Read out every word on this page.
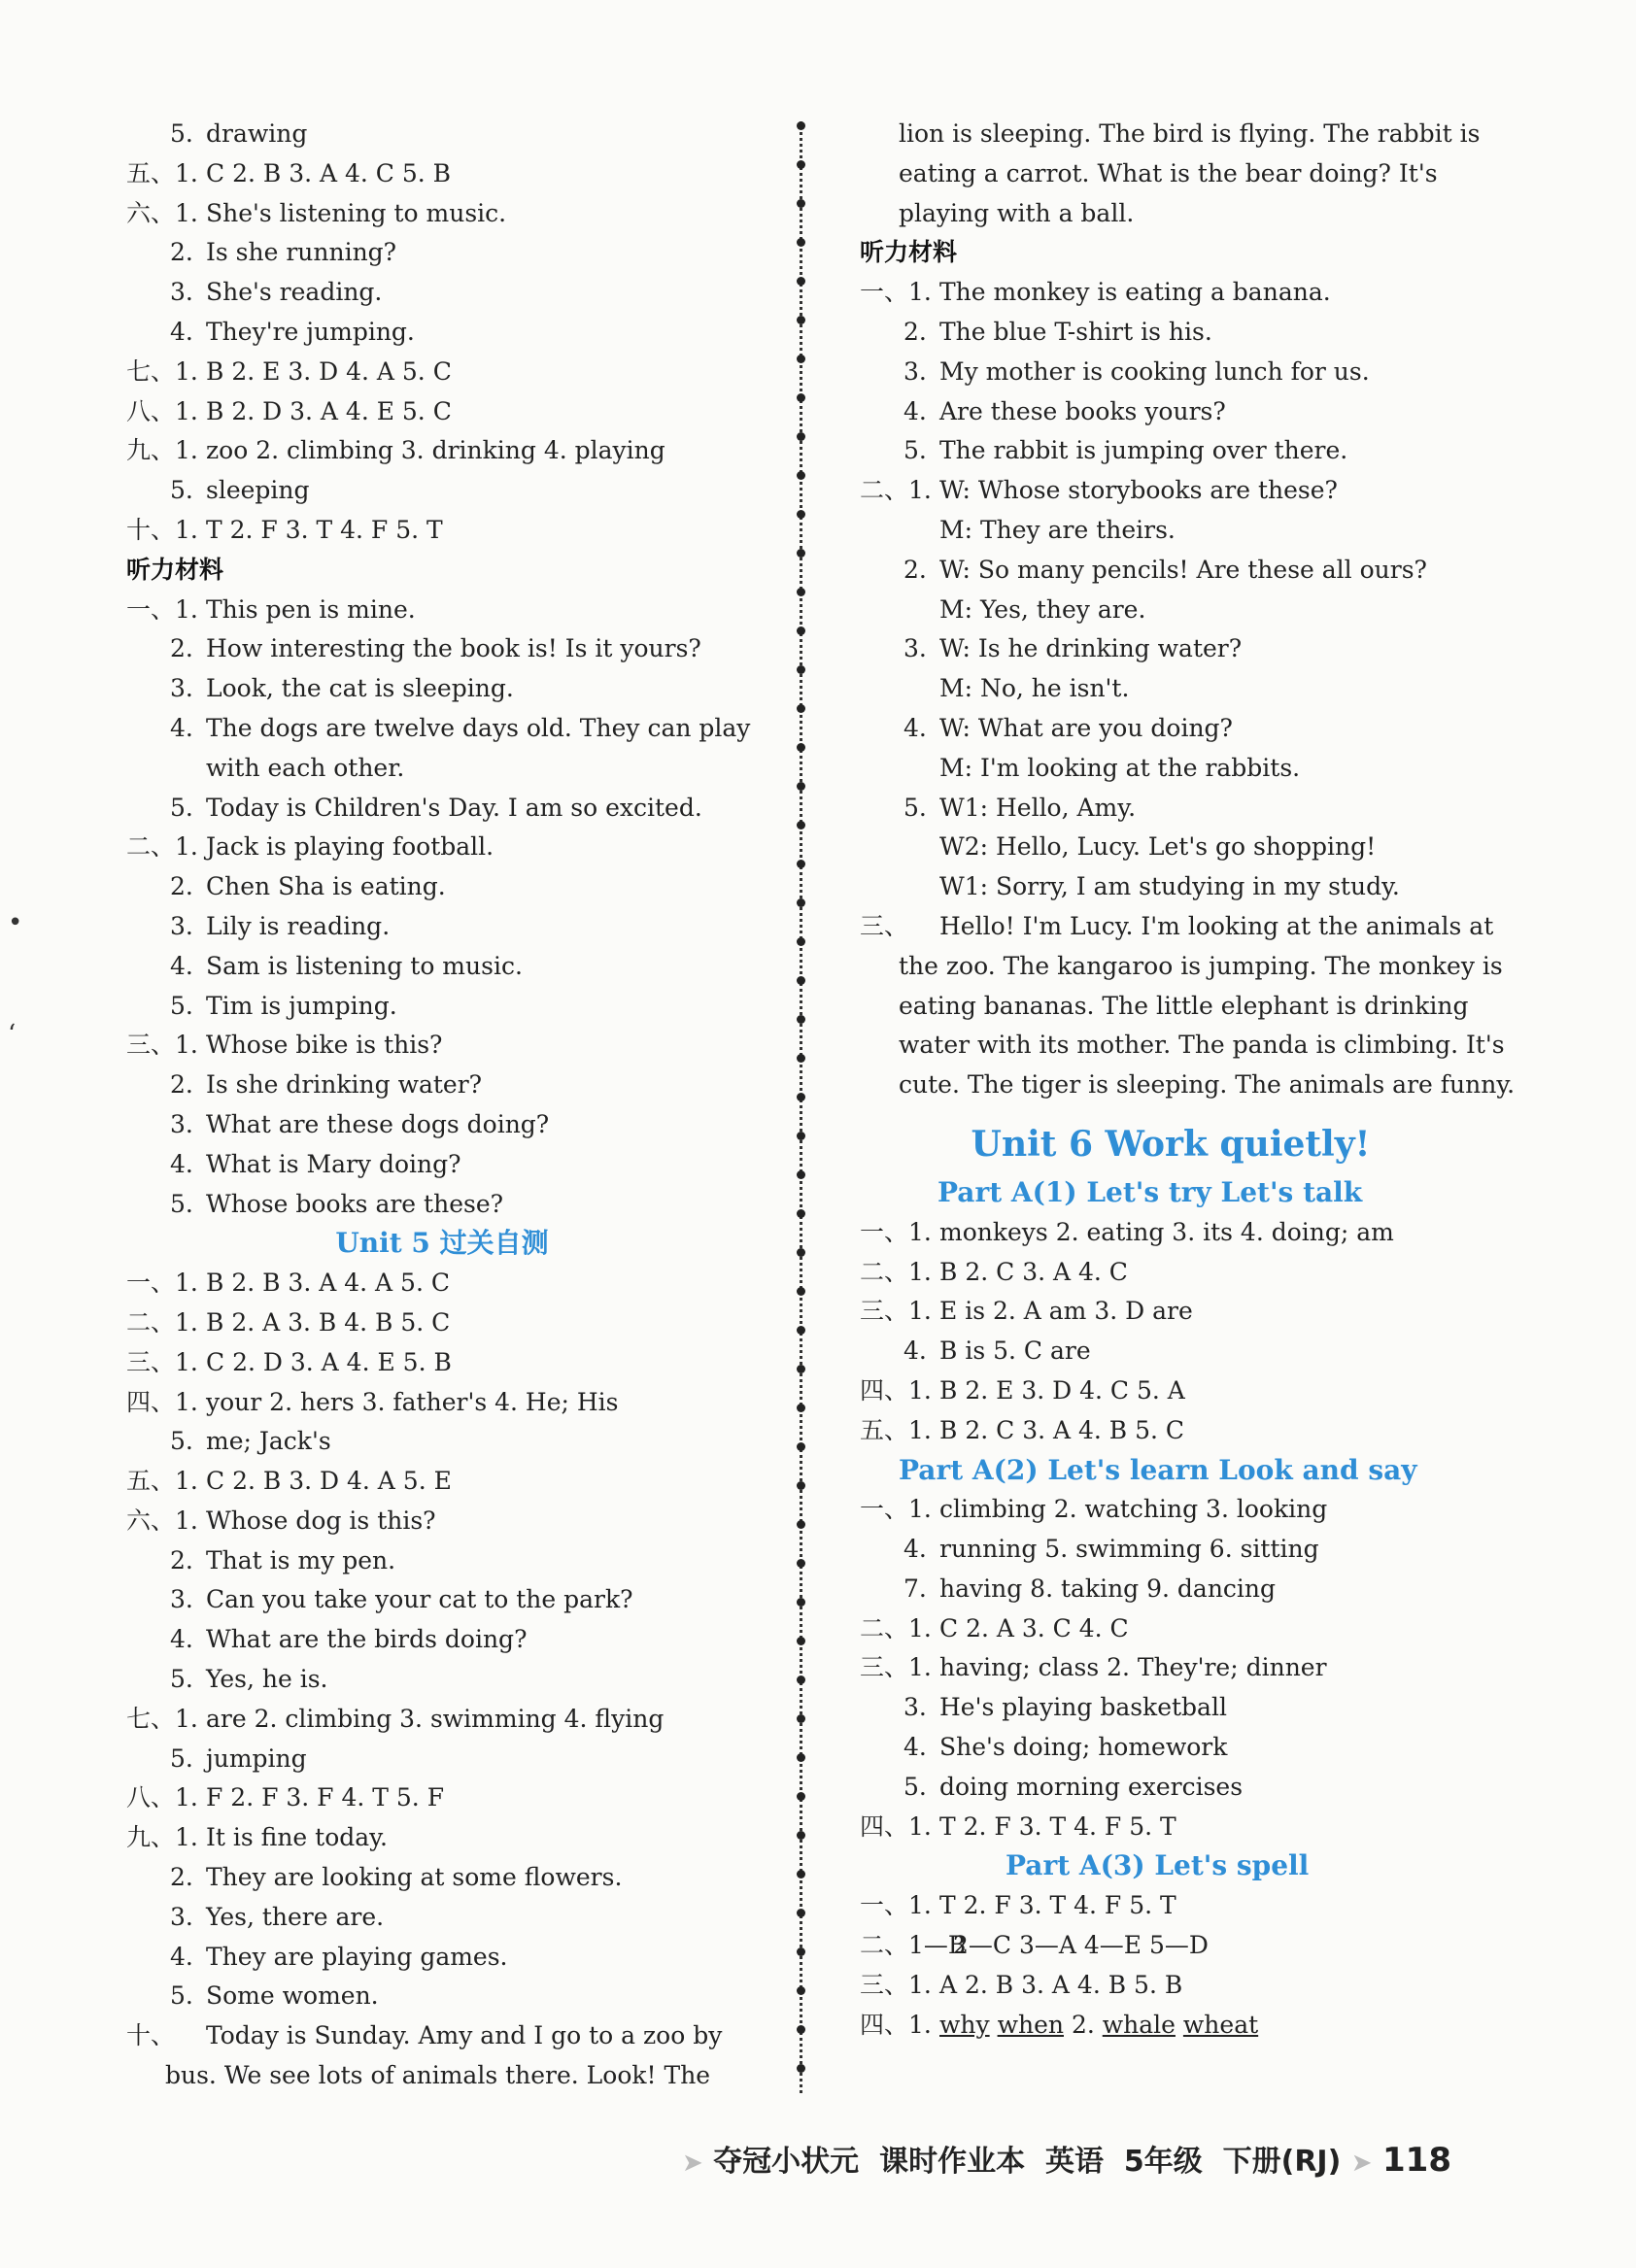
5. drawing
五、1. C 2. B 3. A 4. C 5. B
六、1. She's listening to music.
2. Is she running?
3. She's reading.
4. They're jumping.
七、1. B 2. E 3. D 4. A 5. C
八、1. B 2. D 3. A 4. E 5. C
九、1. zoo 2. climbing 3. drinking 4. playing
5. sleeping
十、1. T 2. F 3. T 4. F 5. T
听力材料
一、1. This pen is mine.
2. How interesting the book is! Is it yours?
3. Look, the cat is sleeping.
4. The dogs are twelve days old. They can play
with each other.
5. Today is Children's Day. I am so excited.
二、1. Jack is playing football.
2. Chen Sha is eating.
3. Lily is reading.
4. Sam is listening to music.
5. Tim is jumping.
三、1. Whose bike is this?
2. Is she drinking water?
3. What are these dogs doing?
4. What is Mary doing?
5. Whose books are these?
Unit 5 过关自测
一、1. B 2. B 3. A 4. A 5. C
二、1. B 2. A 3. B 4. B 5. C
三、1. C 2. D 3. A 4. E 5. B
四、1. your 2. hers 3. father's 4. He; His
5. me; Jack's
五、1. C 2. B 3. D 4. A 5. E
六、1. Whose dog is this?
2. That is my pen.
3. Can you take your cat to the park?
4. What are the birds doing?
5. Yes, he is.
七、1. are 2. climbing 3. swimming 4. flying
5. jumping
八、1. F 2. F 3. F 4. T 5. F
九、1. It is fine today.
2. They are looking at some flowers.
3. Yes, there are.
4. They are playing games.
5. Some women.
十、 Today is Sunday. Amy and I go to a zoo by
bus. We see lots of animals there. Look! The
lion is sleeping. The bird is flying. The rabbit is
eating a carrot. What is the bear doing? It's
playing with a ball.
听力材料
一、1. The monkey is eating a banana.
2. The blue T-shirt is his.
3. My mother is cooking lunch for us.
4. Are these books yours?
5. The rabbit is jumping over there.
二、1. W: Whose storybooks are these?
M: They are theirs.
2. W: So many pencils! Are these all ours?
M: Yes, they are.
3. W: Is he drinking water?
M: No, he isn't.
4. W: What are you doing?
M: I'm looking at the rabbits.
5. W1: Hello, Amy.
W2: Hello, Lucy. Let's go shopping!
W1: Sorry, I am studying in my study.
三、 Hello! I'm Lucy. I'm looking at the animals at
the zoo. The kangaroo is jumping. The monkey is
eating bananas. The little elephant is drinking
water with its mother. The panda is climbing. It's
cute. The tiger is sleeping. The animals are funny.
Unit 6 Work quietly!
Part A(1) Let's try Let's talk
一、1. monkeys 2. eating 3. its 4. doing; am
二、1. B 2. C 3. A 4. C
三、1. E is 2. A am 3. D are
4. B is 5. C are
四、1. B 2. E 3. D 4. C 5. A
五、1. B 2. C 3. A 4. B 5. C
Part A(2) Let's learn Look and say
一、1. climbing 2. watching 3. looking
4. running 5. swimming 6. sitting
7. having 8. taking 9. dancing
二、1. C 2. A 3. C 4. C
三、1. having; class 2. They're; dinner
3. He's playing basketball
4. She's doing; homework
5. doing morning exercises
四、1. T 2. F 3. T 4. F 5. T
Part A(3) Let's spell
一、1. T 2. F 3. T 4. F 5. T
二、1—B
2—C 3—A 4—E 5—D
三、1. A 2. B 3. A 4. B 5. B
四、1. why when 2. whale wheat
•
ʻ
➤ 夺冠小状元 课时作业本 英语 5年级 下册(RJ) ➤ 118
